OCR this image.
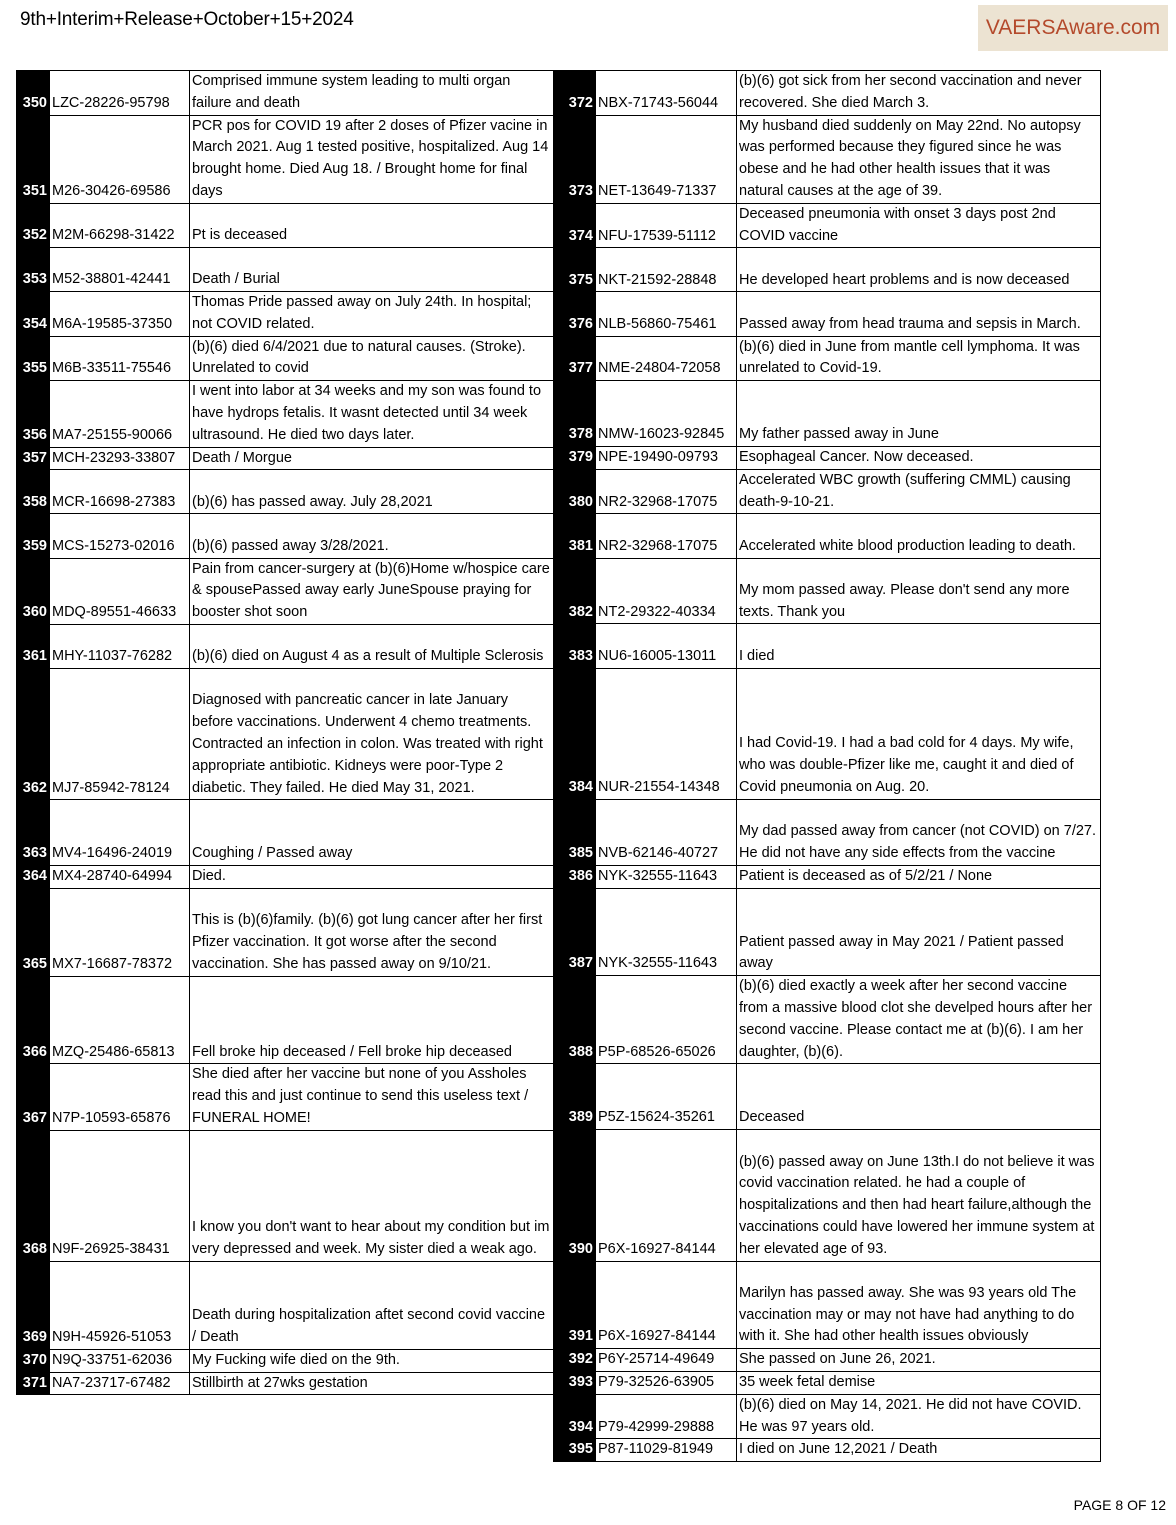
9th+Interim+Release+October+15+2024	VAERSAware.com
350	LZC-28226-95798	Comprised immune system leading to multi organ failure and death
351	M26-30426-69586	PCR pos for COVID 19 after 2 doses of Pfizer vacine in March 2021. Aug 1 tested positive, hospitalized. Aug 14 brought home. Died Aug 18. / Brought home for final days
352	M2M-66298-31422	Pt is deceased
353	M52-38801-42441	Death / Burial
354	M6A-19585-37350	Thomas Pride passed away on July 24th. In hospital; not COVID related.
355	M6B-33511-75546	(b)(6) died 6/4/2021 due to natural causes. (Stroke). Unrelated to covid
356	MA7-25155-90066	I went into labor at 34 weeks and my son was found to have hydrops fetalis. It wasnt detected until 34 week ultrasound. He died two days later.
357	MCH-23293-33807	Death / Morgue
358	MCR-16698-27383	(b)(6) has passed away. July 28,2021
359	MCS-15273-02016	(b)(6) passed away 3/28/2021.
360	MDQ-89551-46633	Pain from cancer-surgery at (b)(6)Home w/hospice care & spousePassed away early JuneSpouse praying for booster shot soon
361	MHY-11037-76282	(b)(6) died on August 4 as a result of Multiple Sclerosis
362	MJ7-85942-78124	Diagnosed with pancreatic cancer in late January before vaccinations. Underwent 4 chemo treatments. Contracted an infection in colon. Was treated with right appropriate antibiotic. Kidneys were poor-Type 2 diabetic. They failed. He died May 31, 2021.
363	MV4-16496-24019	Coughing / Passed away
364	MX4-28740-64994	Died.
365	MX7-16687-78372	This is (b)(6)family. (b)(6) got lung cancer after her first Pfizer vaccination. It got worse after the second vaccination. She has passed away on 9/10/21.
366	MZQ-25486-65813	Fell broke hip deceased / Fell broke hip deceased
367	N7P-10593-65876	She died after her vaccine but none of you Assholes read this and just continue to send this useless text / FUNERAL HOME!
368	N9F-26925-38431	I know you don't want to hear about my condition but im very depressed and week. My sister died a weak ago.
369	N9H-45926-51053	Death during hospitalization aftet second covid vaccine / Death
370	N9Q-33751-62036	My Fucking wife died on the 9th.
371	NA7-23717-67482	Stillbirth at 27wks gestation
372	NBX-71743-56044	(b)(6) got sick from her second vaccination and never recovered. She died March 3.
373	NET-13649-71337	My husband died suddenly on May 22nd. No autopsy was performed because they figured since he was obese and he had other health issues that it was natural causes at the age of 39.
374	NFU-17539-51112	Deceased pneumonia with onset 3 days post 2nd COVID vaccine
375	NKT-21592-28848	He developed heart problems and is now deceased
376	NLB-56860-75461	Passed away from head trauma and sepsis in March.
377	NME-24804-72058	(b)(6) died in June from mantle cell lymphoma. It was unrelated to Covid-19.
378	NMW-16023-92845	My father passed away in June
379	NPE-19490-09793	Esophageal Cancer. Now deceased.
380	NR2-32968-17075	Accelerated WBC growth (suffering CMML) causing death-9-10-21.
381	NR2-32968-17075	Accelerated white blood production leading to death.
382	NT2-29322-40334	My mom passed away. Please don't send any more texts. Thank you
383	NU6-16005-13011	I died
384	NUR-21554-14348	I had Covid-19. I had a bad cold for 4 days. My wife, who was double-Pfizer like me, caught it and died of Covid pneumonia on Aug. 20.
385	NVB-62146-40727	My dad passed away from cancer (not COVID) on 7/27. He did not have any side effects from the vaccine
386	NYK-32555-11643	Patient is deceased as of 5/2/21 / None
387	NYK-32555-11643	Patient passed away in May 2021 / Patient passed away
388	P5P-68526-65026	(b)(6) died exactly a week after her second vaccine from a massive blood clot she develped hours after her second vaccine. Please contact me at (b)(6). I am her daughter, (b)(6).
389	P5Z-15624-35261	Deceased
390	P6X-16927-84144	(b)(6) passed away on June 13th.I do not believe it was covid vaccination related. he had a couple of hospitalizations and then had heart failure,although the vaccinations could have lowered her immune system at her elevated age of 93.
391	P6X-16927-84144	Marilyn has passed away. She was 93 years old The vaccination may or may not have had anything to do with it. She had other health issues obviously
392	P6Y-25714-49649	She passed on June 26, 2021.
393	P79-32526-63905	35 week fetal demise
394	P79-42999-29888	(b)(6) died on May 14, 2021. He did not have COVID. He was 97 years old.
395	P87-11029-81949	I died on June 12,2021 / Death
PAGE 8 OF 12
